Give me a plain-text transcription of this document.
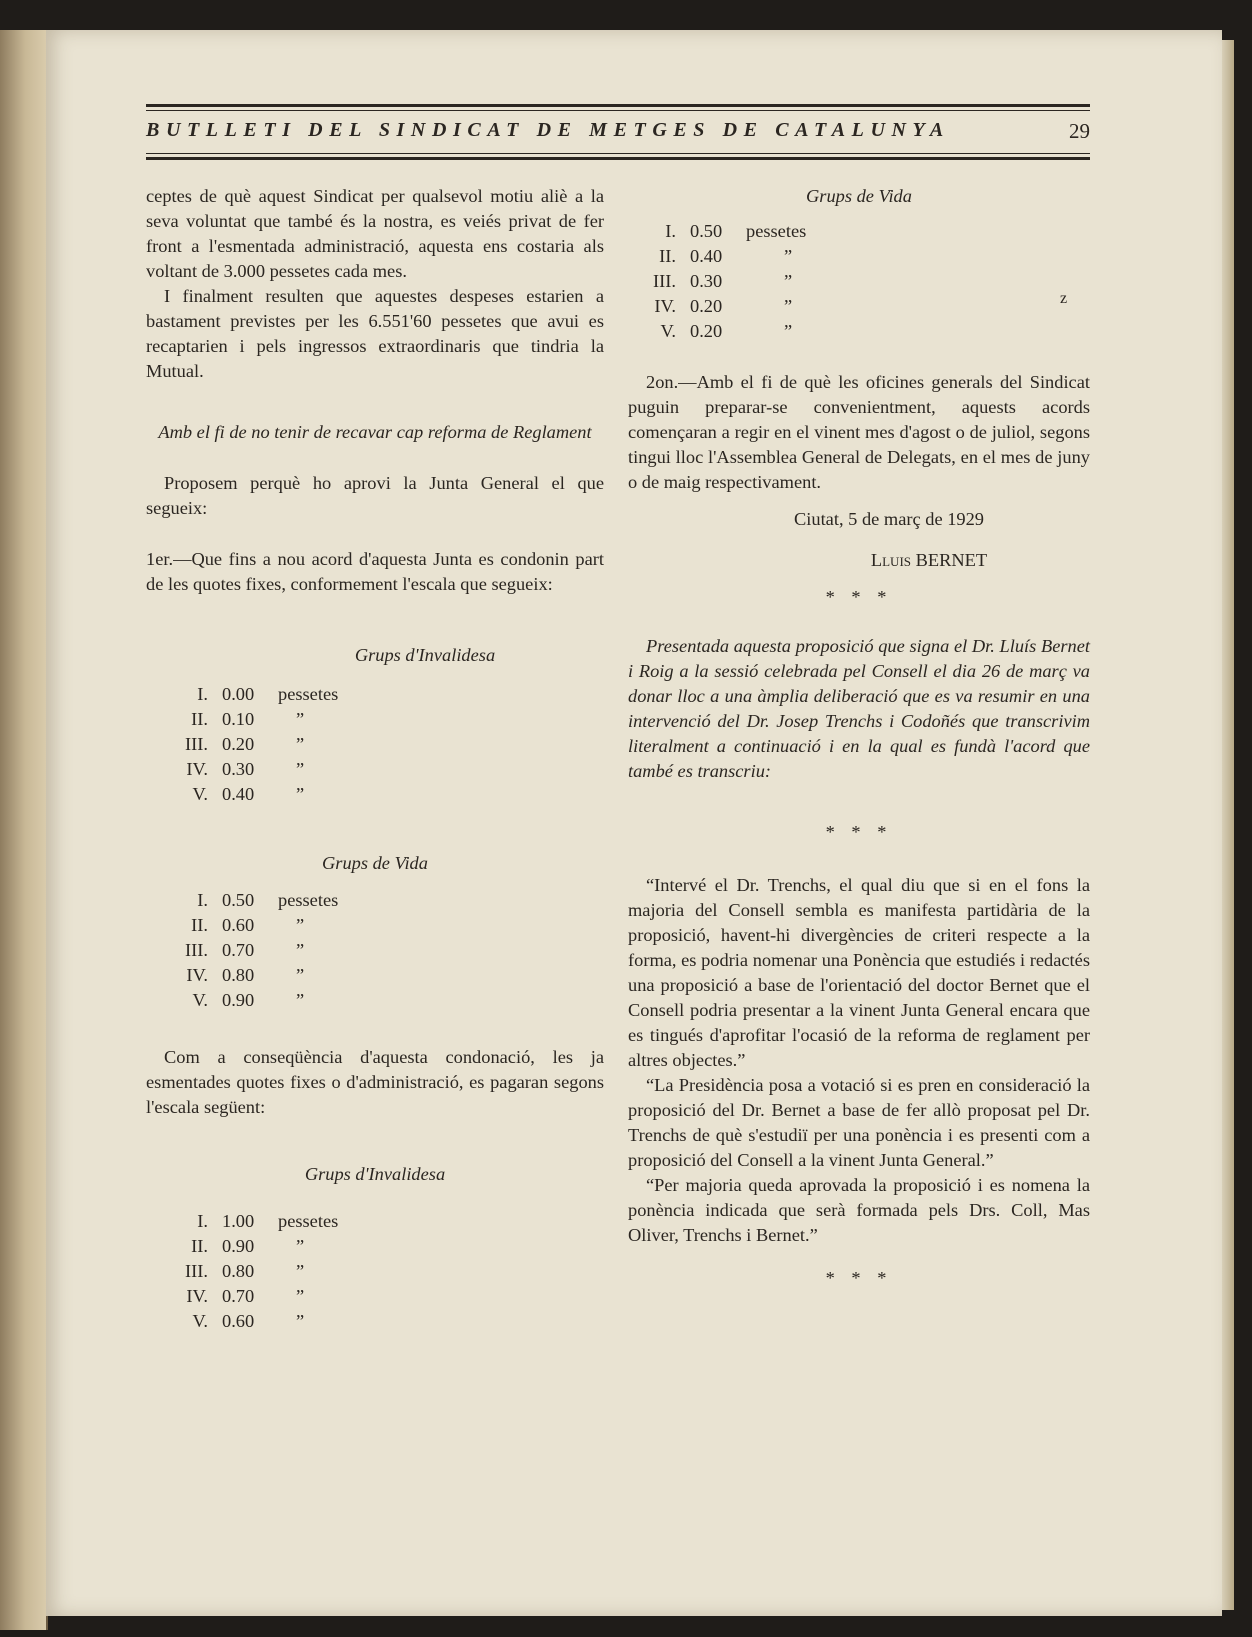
BUTLLETI DEL SINDICAT DE METGES DE CATALUNYA	29

ceptes de què aquest Sindicat per qualsevol motiu aliè a la seva voluntat que també és la nostra, es veiés privat de fer front a l'esmentada administració, aquesta ens costaria als voltant de 3.000 pessetes cada mes.

I finalment resulten que aquestes despeses estarien a bastament previstes per les 6.551'60 pessetes que avui es recaptarien i pels ingressos extraordinaris que tindria la Mutual.

Amb el fi de no tenir de recavar cap reforma de Reglament

Proposem perquè ho aprovi la Junta General el que segueix:

1er.—Que fins a nou acord d'aquesta Junta es condonin part de les quotes fixes, conformement l'escala que segueix:

Grups d'Invalidesa

I. 0.00 pessetes
II. 0.10 ”
III. 0.20 ”
IV. 0.30 ”
V. 0.40 ”

Grups de Vida

I. 0.50 pessetes
II. 0.60 ”
III. 0.70 ”
IV. 0.80 ”
V. 0.90 ”

Com a conseqüència d'aquesta condonació, les ja esmentades quotes fixes o d'administració, es pagaran segons l'escala següent:

Grups d'Invalidesa

I. 1.00 pessetes
II. 0.90 ”
III. 0.80 ”
IV. 0.70 ”
V. 0.60 ”

Grups de Vida

I. 0.50 pessetes
II. 0.40	”
III. 0.30	”
IV. 0.20	”
V. 0.20	”

2on.—Amb el fi de què les oficines generals del Sindicat puguin preparar-se convenientment, aquests acords començaran a regir en el vinent mes d'agost o de juliol, segons tingui lloc l'Assemblea General de Delegats, en el mes de juny o de maig respectivament.

Ciutat, 5 de març de 1929

Lluis BERNET

* * *

Presentada aquesta proposició que signa el Dr. Lluís Bernet i Roig a la sessió celebrada pel Consell el dia 26 de març va donar lloc a una àmplia deliberació que es va resumir en una intervenció del Dr. Josep Trenchs i Codoñés que transcrivim literalment a continuació i en la qual es fundà l'acord que també es transcriu:

* * *

“Intervé el Dr. Trenchs, el qual diu que si en el fons la majoria del Consell sembla es manifesta partidària de la proposició, havent-hi divergències de criteri respecte a la forma, es podria nomenar una Ponència que estudiés i redactés una proposició a base de l'orientació del doctor Bernet que el Consell podria presentar a la vinent Junta General encara que es tingués d'aprofitar l'ocasió de la reforma de reglament per altres objectes.”

“La Presidència posa a votació si es pren en consideració la proposició del Dr. Bernet a base de fer allò proposat pel Dr. Trenchs de què s'estudiï per una ponència i es presenti com a proposició del Consell a la vinent Junta General.”

“Per majoria queda aprovada la proposició i es nomena la ponència indicada que serà formada pels Drs. Coll, Mas Oliver, Trenchs i Bernet.”

* * *

z
